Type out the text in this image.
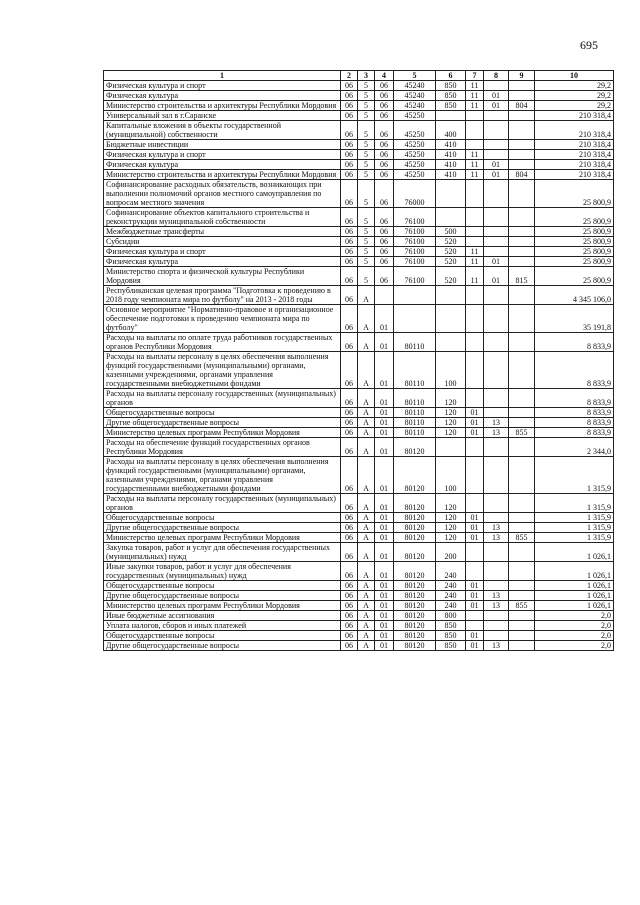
695
1	2	3	4	5	6	7	8	9	10
Физическая культура и спорт	06	5	06	45240	850	11			29,2
Физическая культура	06	5	06	45240	850	11	01		29,2
Министерство строительства и архитектуры Республики Мордовия	06	5	06	45240	850	11	01	804	29,2
Универсальный зал в г.Саранске	06	5	06	45250					210 318,4
Капитальные вложения в объекты государственной (муниципальной) собственности	06	5	06	45250	400				210 318,4
Бюджетные инвестиции	06	5	06	45250	410				210 318,4
Физическая культура и спорт	06	5	06	45250	410	11			210 318,4
Физическая культура	06	5	06	45250	410	11	01		210 318,4
Министерство строительства и архитектуры Республики Мордовия	06	5	06	45250	410	11	01	804	210 318,4
Софинансирование расходных обязательств, возникающих при выполнении полномочий органов местного самоуправления по вопросам местного значения	06	5	06	76000					25 800,9
Софинансирование объектов капитального строительства и реконструкции муниципальной собственности	06	5	06	76100					25 800,9
Межбюджетные трансферты	06	5	06	76100	500				25 800,9
Субсидии	06	5	06	76100	520				25 800,9
Физическая культура и спорт	06	5	06	76100	520	11			25 800,9
Физическая культура	06	5	06	76100	520	11	01		25 800,9
Министерство спорта и физической культуры Республики Мордовия	06	5	06	76100	520	11	01	815	25 800,9
Республиканская целевая программа "Подготовка к проведению в 2018 году чемпионата мира по футболу" на 2013 - 2018 годы	06	А							4 345 106,0
Основное мероприятие "Нормативно-правовое и организационное обеспечение подготовки к проведению чемпионата мира по футболу"	06	А	01						35 191,8
Расходы на выплаты по оплате труда работников государственных органов Республики Мордовия	06	А	01	80110					8 833,9
Расходы на выплаты персоналу в целях обеспечения выполнения функций государственными (муниципальными) органами, казенными учреждениями, органами управления государственными внебюджетными фондами	06	А	01	80110	100				8 833,9
Расходы на выплаты персоналу государственных (муниципальных) органов	06	А	01	80110	120				8 833,9
Общегосударственные вопросы	06	А	01	80110	120	01			8 833,9
Другие общегосударственные вопросы	06	А	01	80110	120	01	13		8 833,9
Министерство целевых программ Республики Мордовия	06	А	01	80110	120	01	13	855	8 833,9
Расходы на обеспечение функций государственных органов Республики Мордовия	06	А	01	80120					2 344,0
Расходы на выплаты персоналу в целях обеспечения выполнения функций государственными (муниципальными) органами, казенными учреждениями, органами управления государственными внебюджетными фондами	06	А	01	80120	100				1 315,9
Расходы на выплаты персоналу государственных (муниципальных) органов	06	А	01	80120	120				1 315,9
Общегосударственные вопросы	06	А	01	80120	120	01			1 315,9
Другие общегосударственные вопросы	06	А	01	80120	120	01	13		1 315,9
Министерство целевых программ Республики Мордовия	06	А	01	80120	120	01	13	855	1 315,9
Закупка товаров, работ и услуг для обеспечения государственных (муниципальных) нужд	06	А	01	80120	200				1 026,1
Иные закупки товаров, работ и услуг для обеспечения государственных (муниципальных) нужд	06	А	01	80120	240				1 026,1
Общегосударственные вопросы	06	А	01	80120	240	01			1 026,1
Другие общегосударственные вопросы	06	А	01	80120	240	01	13		1 026,1
Министерство целевых программ Республики Мордовия	06	А	01	80120	240	01	13	855	1 026,1
Иные бюджетные ассигнования	06	А	01	80120	800				2,0
Уплата налогов, сборов и иных платежей	06	А	01	80120	850				2,0
Общегосударственные вопросы	06	А	01	80120	850	01			2,0
Другие общегосударственные вопросы	06	А	01	80120	850	01	13		2,0
